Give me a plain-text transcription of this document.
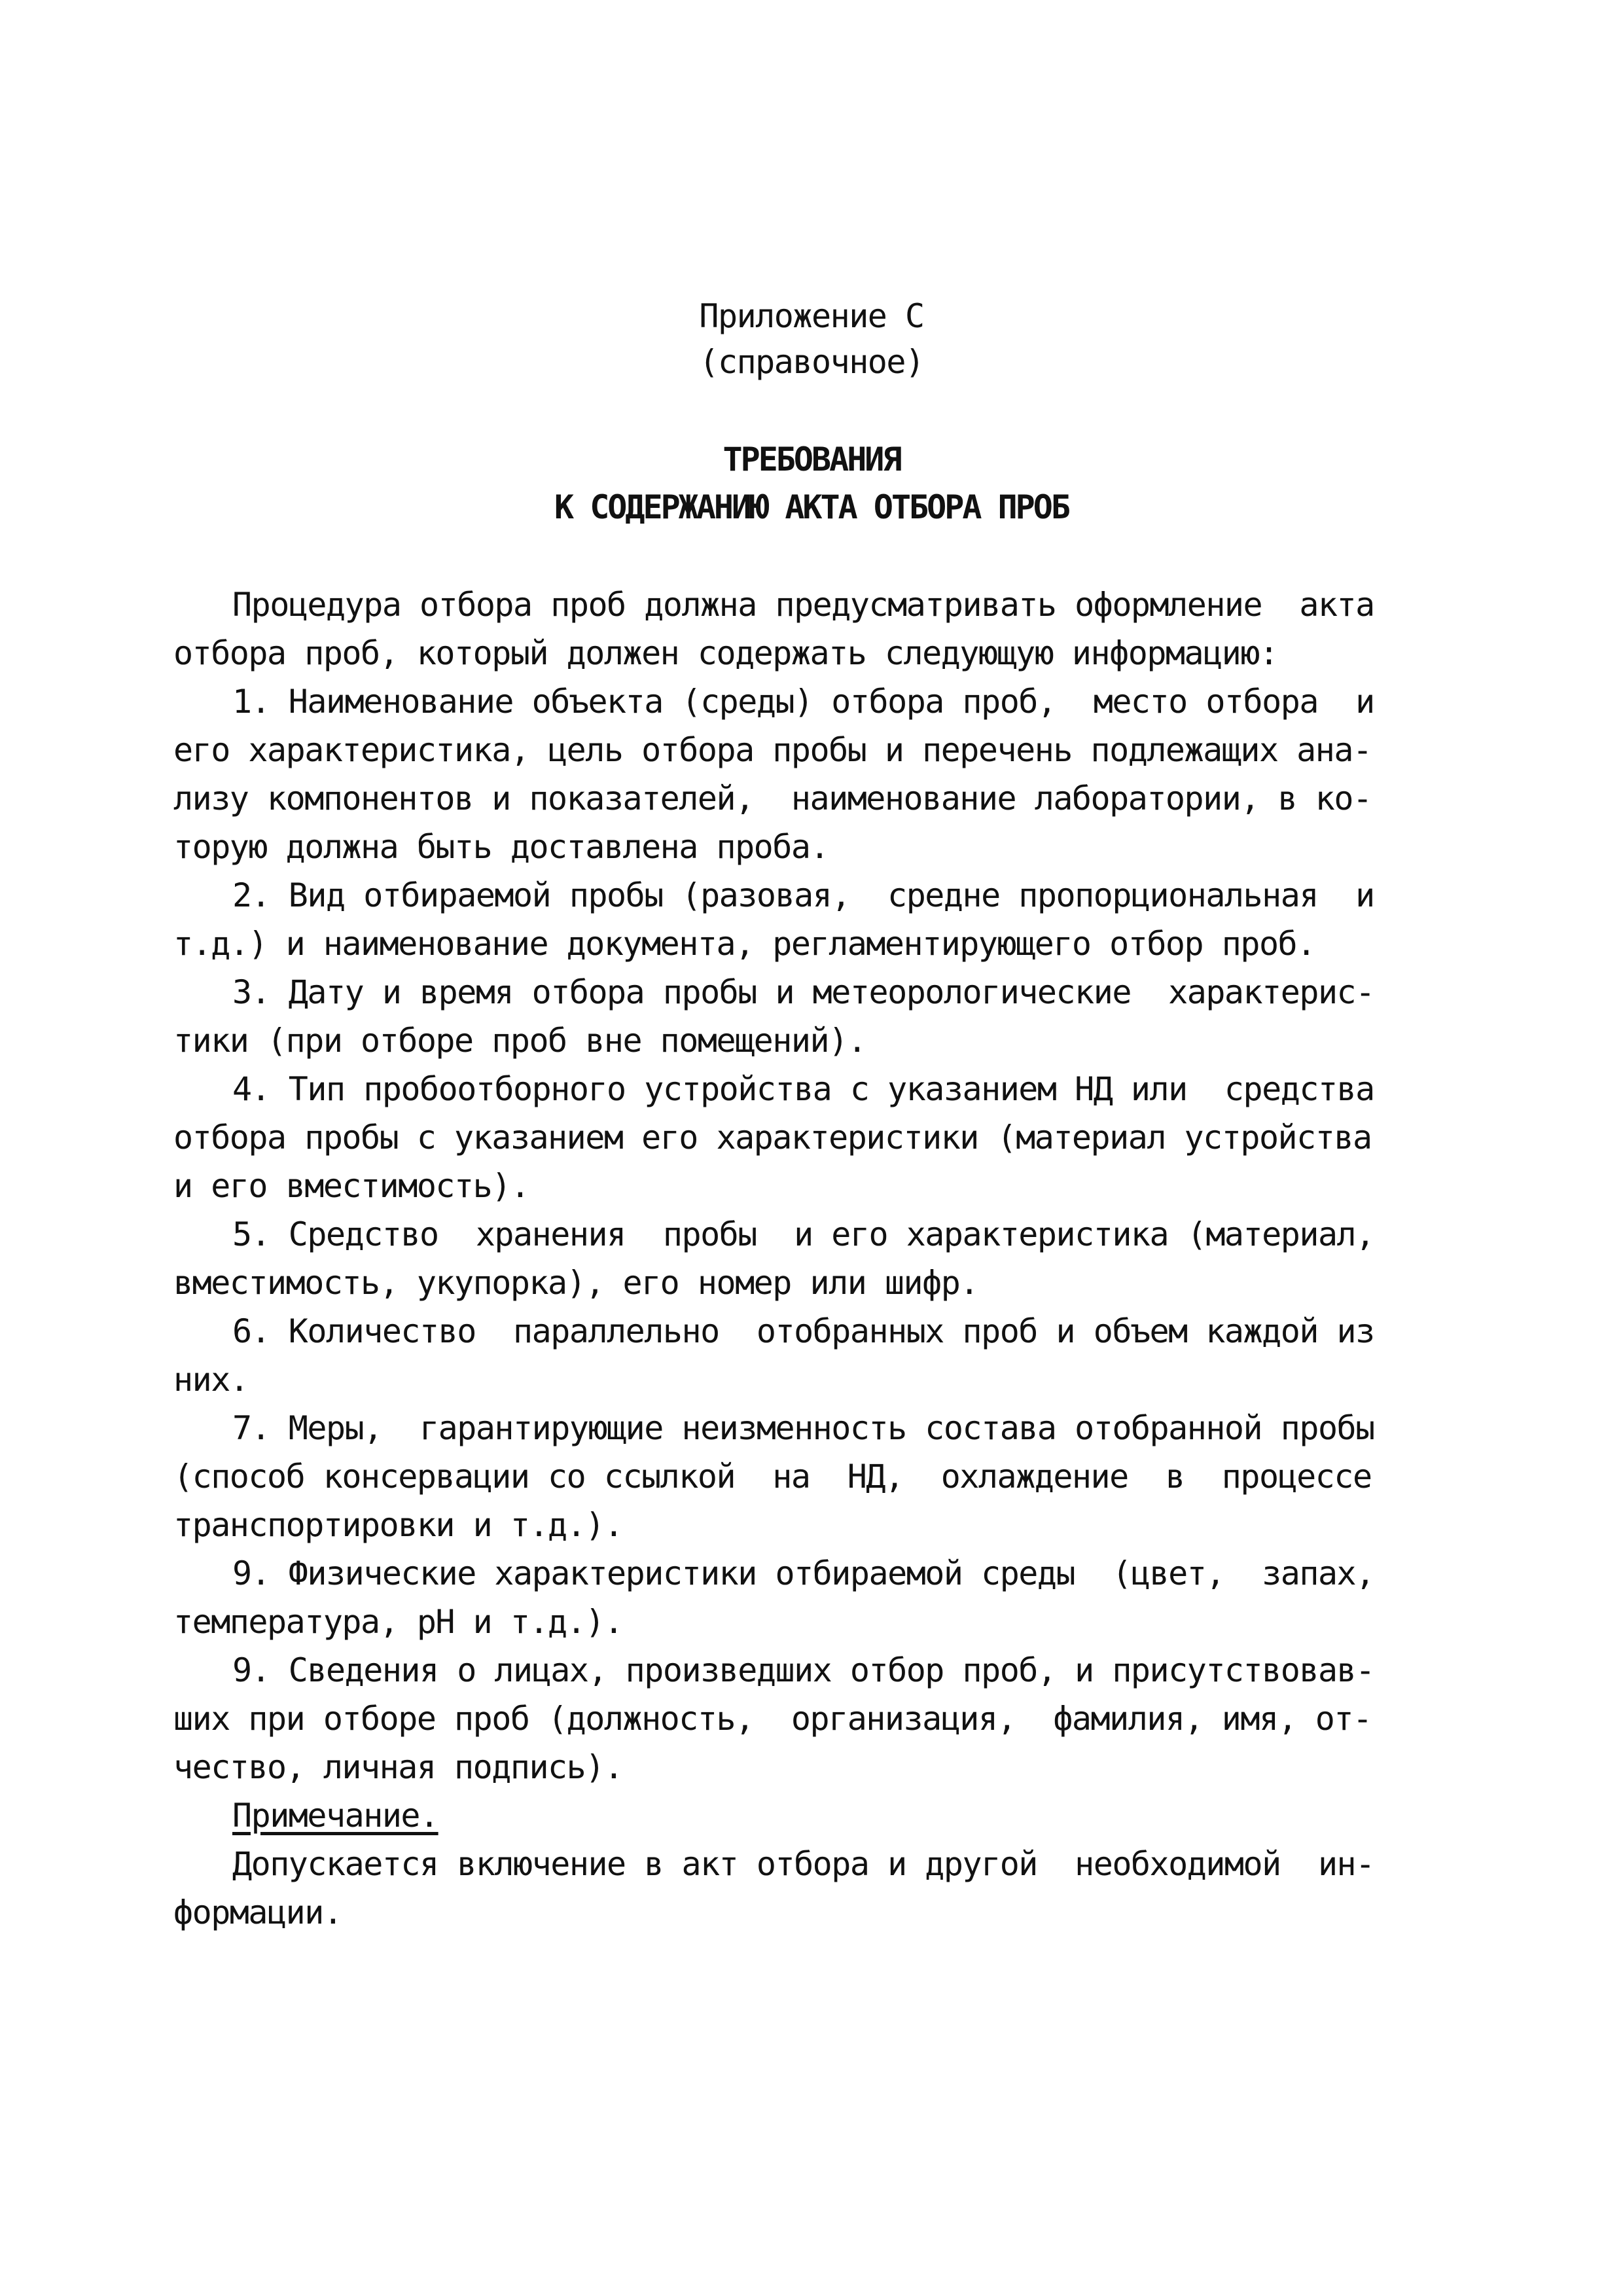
Приложение С
(справочное)
ТРЕБОВАНИЯ
К СОДЕРЖАНИЮ АКТА ОТБОРА ПРОБ
Процедура отбора проб должна предусматривать оформление  акта
отбора проб, который должен содержать следующую информацию:
1. Наименование объекта (среды) отбора проб,  место отбора  и
его характеристика, цель отбора пробы и перечень подлежащих ана-
лизу компонентов и показателей,  наименование лаборатории, в ко-
торую должна быть доставлена проба.
2. Вид отбираемой пробы (разовая,  средне пропорциональная  и
т.д.) и наименование документа, регламентирующего отбор проб.
3. Дату и время отбора пробы и метеорологические  характерис-
тики (при отборе проб вне помещений).
4. Тип пробоотборного устройства с указанием НД или  средства
отбора пробы с указанием его характеристики (материал устройства
и его вместимость).
5. Средство  хранения  пробы  и его характеристика (материал,
вместимость, укупорка), его номер или шифр.
6. Количество  параллельно  отобранных проб и объем каждой из
них.
7. Меры,  гарантирующие неизменность состава отобранной пробы
(способ консервации со ссылкой  на  НД,  охлаждение  в  процессе
транспортировки и т.д.).
9. Физические характеристики отбираемой среды  (цвет,  запах,
температура, рН и т.д.).
9. Сведения о лицах, произведших отбор проб, и присутствовав-
ших при отборе проб (должность,  организация,  фамилия, имя, от-
чество, личная подпись).
Примечание.
Допускается включение в акт отбора и другой  необходимой  ин-
формации.
